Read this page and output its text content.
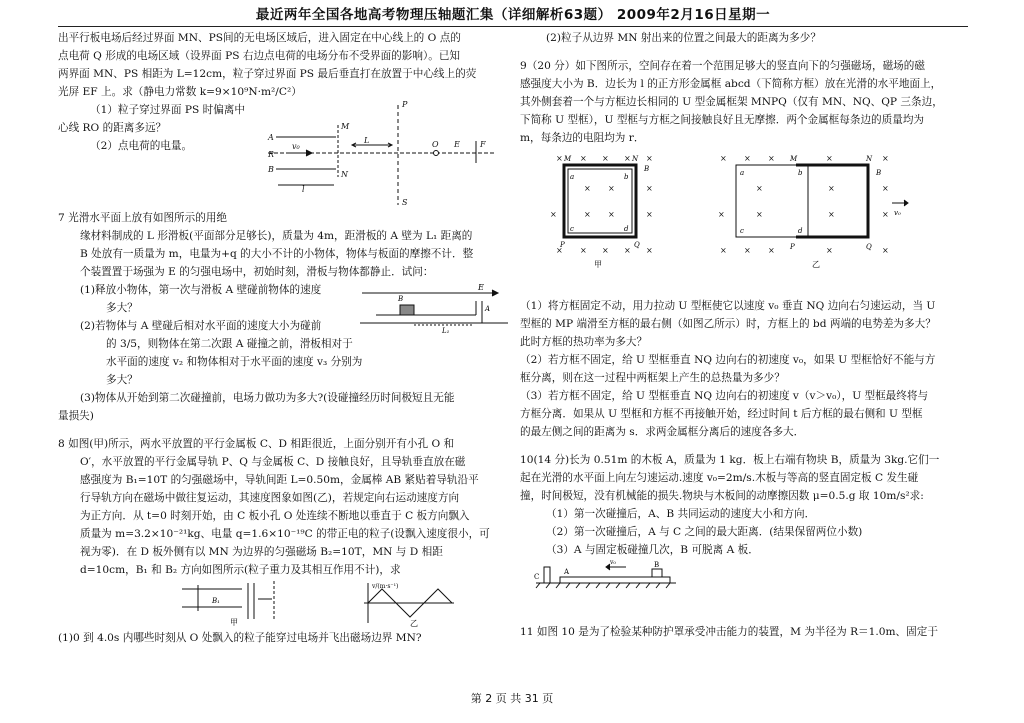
最近两年全国各地高考物理压轴题汇集（详细解析63题） 2009年2月16日星期一

出平行板电场后经过界面 MN、PS间的无电场区域后，进入固定在中心线上的 O 点的

点电荷 Q 形成的电场区域（设界面 PS 右边点电荷的电场分布不受界面的影响）。已知

两界面 MN、PS 相距为 L=12cm，粒子穿过界面 PS 最后垂直打在放置于中心线上的荧

光屏 EF 上。求（静电力常数 k=9×10⁹N·m²/C²）

（1）粒子穿过界面 PS 时偏离中

心线 RO 的距离多远？

（2）点电荷的电量。

A
R
B
M
N
P
S
L
l
v₀	O E	F

7 光滑水平面上放有如图所示的用绝

缘材料制成的 L 形滑板(平面部分足够长)，质量为 4m，距滑板的 A 壁为 L₁ 距离的

B 处放有一质量为 m，电量为+q 的大小不计的小物体，物体与板面的摩擦不计．整

个装置置于场强为 E 的匀强电场中，初始时刻，滑板与物体都静止．试问：

(1)释放小物体，第一次与滑板 A 壁碰前物体的速度

多大？

(2)若物体与 A 壁碰后相对水平面的速度大小为碰前

的 3/5，则物体在第二次跟 A 碰撞之前，滑板相对于

水平面的速度 v₂ 和物体相对于水平面的速度 v₃ 分别为

多大？

E
B
A
L₁

(3)物体从开始到第二次碰撞前，电场力做功为多大?(设碰撞经历时间极短且无能

量损失)

8 如图(甲)所示，两水平放置的平行金属板 C、D 相距很近，上面分别开有小孔 O 和

O′，水平放置的平行金属导轨 P、Q 与金属板 C、D 接触良好，且导轨垂直放在磁

感强度为 B₁=10T 的匀强磁场中，导轨间距 L=0.50m，金属棒 AB 紧贴着导轨沿平

行导轨方向在磁场中做往复运动，其速度图象如图(乙)，若规定向右运动速度方向

为正方向．从 t=0 时刻开始，由 C 板小孔 O 处连续不断地以垂直于 C 板方向飘入

质量为 m=3.2×10⁻²¹kg、电量 q=1.6×10⁻¹⁹C 的带正电的粒子(设飘入速度很小，可

视为零)．在 D 板外侧有以 MN 为边界的匀强磁场 B₂=10T，MN 与 D 相距

d=10cm，B₁ 和 B₂ 方向如图所示(粒子重力及其相互作用不计)，求

B₁
甲
v/(m·s⁻¹)
乙

(1)0 到 4.0s 内哪些时刻从 O 处飘入的粒子能穿过电场并飞出磁场边界 MN?

(2)粒子从边界 MN 射出来的位置之间最大的距离为多少？

9（20 分）如下图所示，空间存在着一个范围足够大的竖直向下的匀强磁场，磁场的磁

感强度大小为 B．边长为 l 的正方形金属框 abcd（下简称方框）放在光滑的水平地面上，

其外侧套着一个与方框边长相同的 U 型金属框架 MNPQ（仅有 MN、NQ、QP 三条边，

下简称 U 型框），U 型框与方框之间接触良好且无摩擦．两个金属框每条边的质量均为

m，每条边的电阻均为 r．

× × × × ×
× ×	×
× ×	×
×
× × × × ×
M	N
B
a	b
c	d
P	Q
甲
× × ×	×	×
×	×	×
×	×	×
×
× × ×	×	×
M	N
B
a	b
c	d
P	Q
v₀
乙

（1）将方框固定不动，用力拉动 U 型框使它以速度 v₀ 垂直 NQ 边向右匀速运动，当 U

型框的 MP 端滑至方框的最右侧（如图乙所示）时，方框上的 bd 两端的电势差为多大？

此时方框的热功率为多大？

（2）若方框不固定，给 U 型框垂直 NQ 边向右的初速度 v₀，如果 U 型框恰好不能与方

框分离，则在这一过程中两框架上产生的总热量为多少？

（3）若方框不固定，给 U 型框垂直 NQ 边向右的初速度 v（v＞v₀），U 型框最终将与

方框分离．如果从 U 型框和方框不再接触开始，经过时间 t 后方框的最右侧和 U 型框

的最左侧之间的距离为 s．求两金属框分离后的速度各多大．

10(14 分)长为 0.51m 的木板 A，质量为 1 kg．板上右端有物块 B，质量为 3kg.它们一

起在光滑的水平面上向左匀速运动.速度 v₀=2m/s.木板与等高的竖直固定板 C 发生碰

撞，时间极短，没有机械能的损失.物块与木板间的动摩擦因数 μ=0.5.g 取 10m/s²求:

（1）第一次碰撞后，A、B 共同运动的速度大小和方向．

（2）第一次碰撞后，A 与 C 之间的最大距离．(结果保留两位小数)

（3）A 与固定板碰撞几次，B 可脱离 A 板．

C
A
B
v₀

11 如图 10 是为了检验某种防护罩承受冲击能力的装置，M 为半径为 R＝1.0m、固定于

第 2 页 共 31 页
